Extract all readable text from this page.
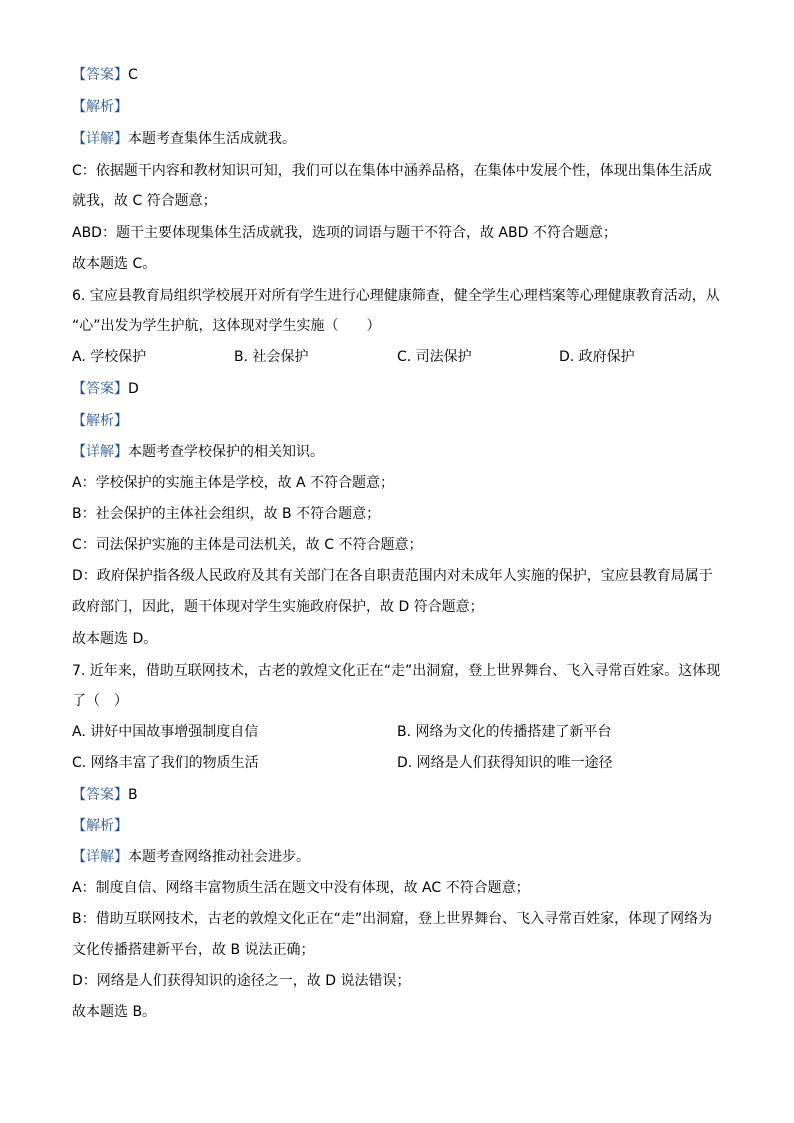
【答案】C
【解析】
【详解】本题考查集体生活成就我。
C：依据题干内容和教材知识可知，我们可以在集体中涵养品格，在集体中发展个性，体现出集体生活成
就我，故 C 符合题意；
ABD：题干主要体现集体生活成就我，选项的词语与题干不符合，故 ABD 不符合题意；
故本题选 C。
6. 宝应县教育局组织学校展开对所有学生进行心理健康筛查，健全学生心理档案等心理健康教育活动，从
“心”出发为学生护航，这体现对学生实施（　　）
A. 学校保护	B. 社会保护	C. 司法保护	D. 政府保护
【答案】D
【解析】
【详解】本题考查学校保护的相关知识。
A：学校保护的实施主体是学校，故 A 不符合题意；
B：社会保护的主体社会组织，故 B 不符合题意；
C：司法保护实施的主体是司法机关，故 C 不符合题意；
D：政府保护指各级人民政府及其有关部门在各自职责范围内对未成年人实施的保护，宝应县教育局属于
政府部门，因此，题干体现对学生实施政府保护，故 D 符合题意；
故本题选 D。
7. 近年来，借助互联网技术，古老的敦煌文化正在“走”出洞窟，登上世界舞台、飞入寻常百姓家。这体现
了（　）
A. 讲好中国故事增强制度自信	B. 网络为文化的传播搭建了新平台
C. 网络丰富了我们的物质生活	D. 网络是人们获得知识的唯一途径
【答案】B
【解析】
【详解】本题考查网络推动社会进步。
A：制度自信、网络丰富物质生活在题文中没有体现，故 AC 不符合题意；
B：借助互联网技术，古老的敦煌文化正在“走”出洞窟，登上世界舞台、飞入寻常百姓家，体现了网络为
文化传播搭建新平台，故 B 说法正确；
D：网络是人们获得知识的途径之一，故 D 说法错误；
故本题选 B。
